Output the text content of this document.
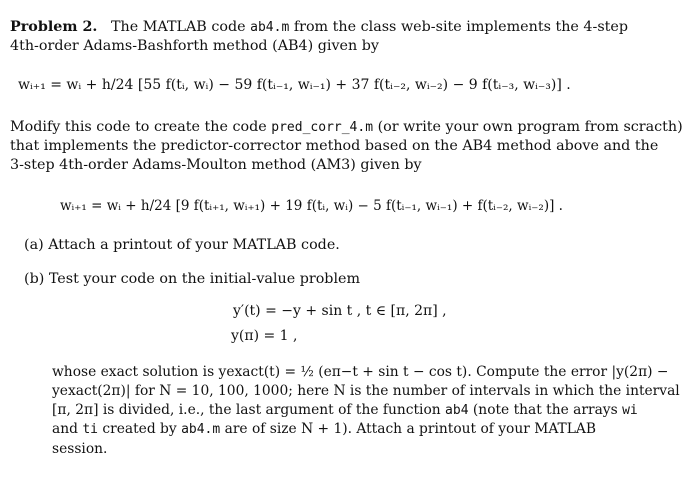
Problem 2. The MATLAB code ab4.m from the class web-site implements the 4-step
4th-order Adams-Bashforth method (AB4) given by
wᵢ₊₁ = wᵢ + h/24 [55 f(tᵢ, wᵢ) − 59 f(tᵢ₋₁, wᵢ₋₁) + 37 f(tᵢ₋₂, wᵢ₋₂) − 9 f(tᵢ₋₃, wᵢ₋₃)] .
Modify this code to create the code pred_corr_4.m (or write your own program from scracth)
that implements the predictor-corrector method based on the AB4 method above and the
3-step 4th-order Adams-Moulton method (AM3) given by
wᵢ₊₁ = wᵢ + h/24 [9 f(tᵢ₊₁, wᵢ₊₁) + 19 f(tᵢ, wᵢ) − 5 f(tᵢ₋₁, wᵢ₋₁) + f(tᵢ₋₂, wᵢ₋₂)] .
(a) Attach a printout of your MATLAB code.
(b) Test your code on the initial-value problem
y′(t) = −y + sin t , t ∈ [π, 2π] ,
y(π) = 1 ,
whose exact solution is yexact(t) = ½ (eπ−t + sin t − cos t). Compute the error |y(2π) −
yexact(2π)| for N = 10, 100, 1000; here N is the number of intervals in which the interval
[π, 2π] is divided, i.e., the last argument of the function ab4 (note that the arrays wi
and ti created by ab4.m are of size N + 1). Attach a printout of your MATLAB
session.
